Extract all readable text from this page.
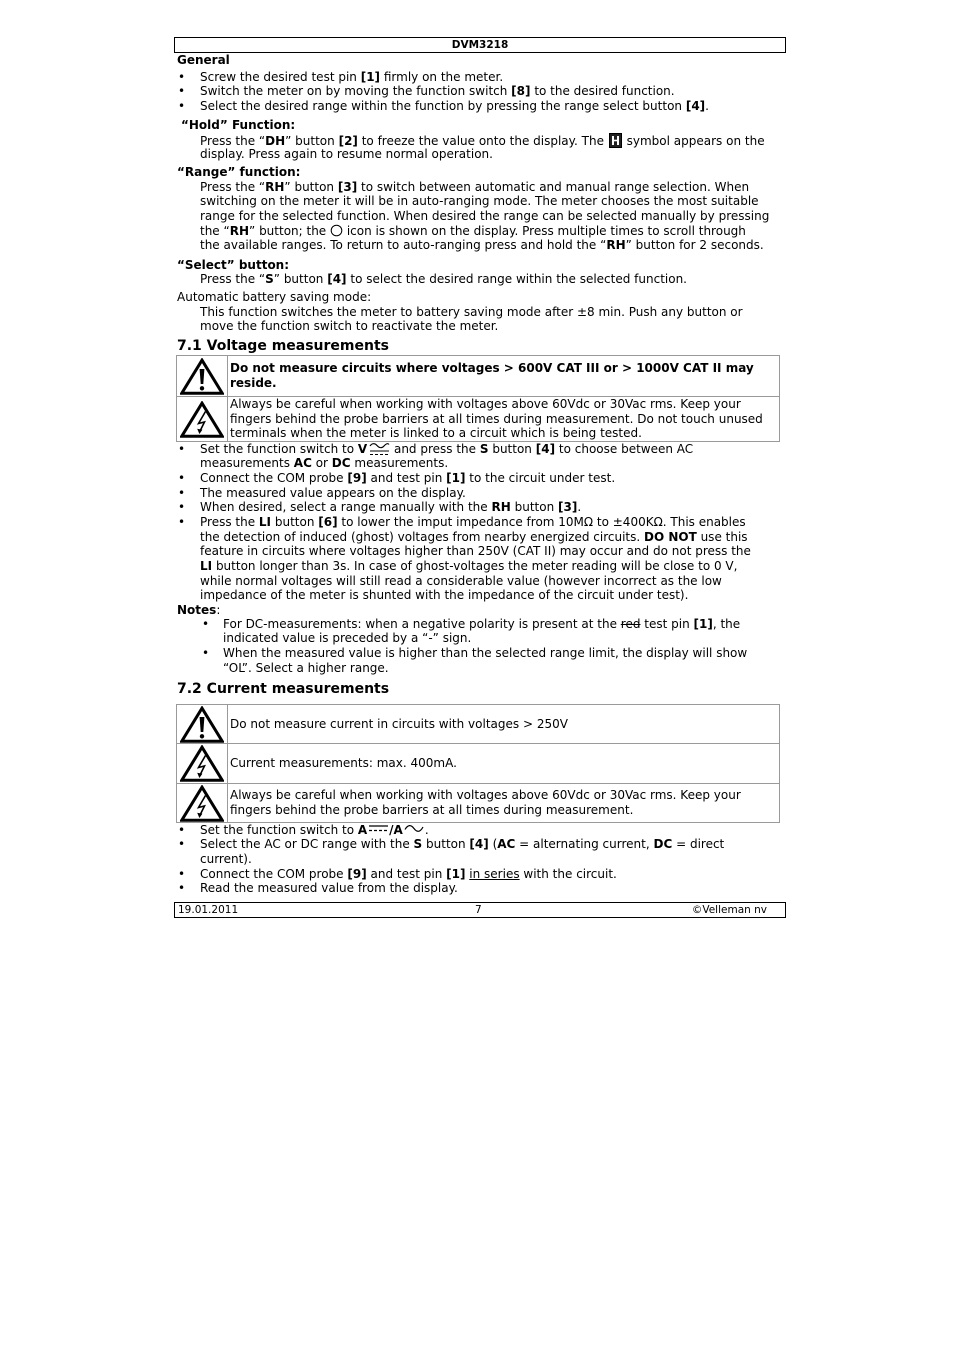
DVM3218
General
• Screw the desired test pin [1] firmly on the meter.
• Switch the meter on by moving the function switch [8] to the desired function.
• Select the desired range within the function by pressing the range select button [4].
“Hold” Function:
Press the “DH” button [2] to freeze the value onto the display. The  symbol appears on the
display. Press again to resume normal operation.
“Range” function:
Press the “RH” button [3] to switch between automatic and manual range selection. When
switching on the meter it will be in auto-ranging mode. The meter chooses the most suitable
range for the selected function. When desired the range can be selected manually by pressing
the “RH” button; the  icon is shown on the display. Press multiple times to scroll through
the available ranges. To return to auto-ranging press and hold the “RH” button for 2 seconds.
“Select” button:
Press the “S” button [4] to select the desired range within the selected function.
Automatic battery saving mode:
This function switches the meter to battery saving mode after ±8 min. Push any button or
move the function switch to reactivate the meter.
7.1 Voltage measurements

Do not measure circuits where voltages > 600V CAT III or > 1000V CAT II may
reside.

Always be careful when working with voltages above 60Vdc or 30Vac rms. Keep your
fingers behind the probe barriers at all times during measurement. Do not touch unused
terminals when the meter is linked to a circuit which is being tested.
• Set the function switch to V and press the S button [4] to choose between AC
measurements AC or DC measurements.
• Connect the COM probe [9] and test pin [1] to the circuit under test.
• The measured value appears on the display.
• When desired, select a range manually with the RH button [3].
• Press the LI button [6] to lower the imput impedance from 10MΩ to ±400KΩ. This enables
the detection of induced (ghost) voltages from nearby energized circuits. DO NOT use this
feature in circuits where voltages higher than 250V (CAT II) may occur and do not press the
LI button longer than 3s. In case of ghost-voltages the meter reading will be close to 0 V,
while normal voltages will still read a considerable value (however incorrect as the low
impedance of the meter is shunted with the impedance of the circuit under test).
Notes:
• For DC-measurements: when a negative polarity is present at the red test pin [1], the
indicated value is preceded by a “-” sign.
• When the measured value is higher than the selected range limit, the display will show
“OL”. Select a higher range.
7.2 Current measurements

Do not measure current in circuits with voltages > 250V

Current measurements: max. 400mA.

Always be careful when working with voltages above 60Vdc or 30Vac rms. Keep your
fingers behind the probe barriers at all times during measurement.
• Set the function switch to A /A .
• Select the AC or DC range with the S button [4] (AC = alternating current, DC = direct
current).
• Connect the COM probe [9] and test pin [1] in series with the circuit.
• Read the measured value from the display.
19.01.2011	7	©Velleman nv
